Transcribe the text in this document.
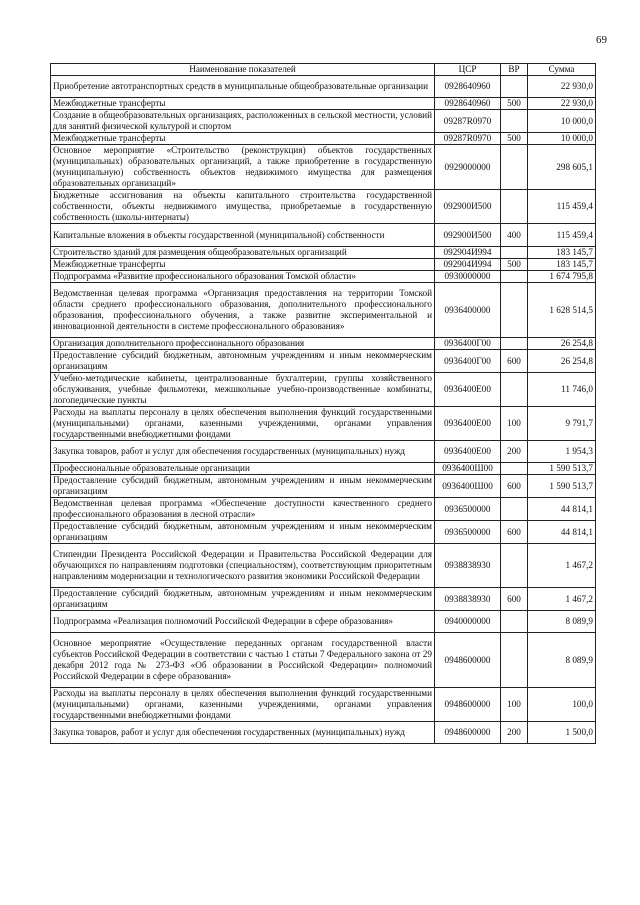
69
Наименование показателей	ЦСР	ВР	Сумма
Приобретение автотранспортных средств в муниципальные общеобразовательные организации	0928640960		22 930,0
Межбюджетные трансферты	0928640960	500	22 930,0
Создание в общеобразовательных организациях, расположенных в сельской местности, условий для занятий физической культурой и спортом	09287R0970		10 000,0
Межбюджетные трансферты	09287R0970	500	10 000,0
Основное мероприятие «Строительство (реконструкция) объектов государственных (муниципальных) образовательных организаций, а также приобретение в государственную (муниципальную) собственность объектов недвижимого имущества для размещения образовательных организаций»	0929000000		298 605,1
Бюджетные ассигнования на объекты капитального строительства государственной собственности, объекты недвижимого имущества, приобретаемые в государственную собственность (школы-интернаты)	092900И500		115 459,4
Капитальные вложения в объекты государственной (муниципальной) собственности	092900И500	400	115 459,4
Строительство зданий для размещения общеобразовательных организаций	092904И994		183 145,7
Межбюджетные трансферты	092904И994	500	183 145,7
Подпрограмма «Развитие профессионального образования Томской области»	0930000000		1 674 795,8
Ведомственная целевая программа «Организация предоставления на территории Томской области среднего профессионального образования, дополнительного профессионального образования, профессионального обучения, а также развитие экспериментальной и инновационной деятельности в системе профессионального образования»	0936400000		1 628 514,5
Организация дополнительного профессионального образования	0936400Г00		26 254,8
Предоставление субсидий бюджетным, автономным учреждениям и иным некоммерческим организациям	0936400Г00	600	26 254,8
Учебно-методические кабинеты, централизованные бухгалтерии, группы хозяйственного обслуживания, учебные фильмотеки, межшкольные учебно-производственные комбинаты, логопедические пункты	0936400Е00		11 746,0
Расходы на выплаты персоналу в целях обеспечения выполнения функций государственными (муниципальными) органами, казенными учреждениями, органами управления государственными внебюджетными фондами	0936400Е00	100	9 791,7
Закупка товаров, работ и услуг для обеспечения государственных (муниципальных) нужд	0936400Е00	200	1 954,3
Профессиональные образовательные организации	0936400Ш00		1 590 513,7
Предоставление субсидий бюджетным, автономным учреждениям и иным некоммерческим организациям	0936400Ш00	600	1 590 513,7
Ведомственная целевая программа «Обеспечение доступности качественного среднего профессионального образования в лесной отрасли»	0936500000		44 814,1
Предоставление субсидий бюджетным, автономным учреждениям и иным некоммерческим организациям	0936500000	600	44 814,1
Стипендии Президента Российской Федерации и Правительства Российской Федерации для обучающихся по направлениям подготовки (специальностям), соответствующим приоритетным направлениям модернизации и технологического развития экономики Российской Федерации	0938838930		1 467,2
Предоставление субсидий бюджетным, автономным учреждениям и иным некоммерческим организациям	0938838930	600	1 467,2
Подпрограмма «Реализация полномочий Российской Федерации в сфере образования»	0940000000		8 089,9
Основное мероприятие «Осуществление переданных органам государственной власти субъектов Российской Федерации в соответствии с частью 1 статьи 7 Федерального закона от 29 декабря 2012 года № 273-ФЗ «Об образовании в Российской Федерации» полномочий Российской Федерации в сфере образования»	0948600000		8 089,9
Расходы на выплаты персоналу в целях обеспечения выполнения функций государственными (муниципальными) органами, казенными учреждениями, органами управления государственными внебюджетными фондами	0948600000	100	100,0
Закупка товаров, работ и услуг для обеспечения государственных (муниципальных) нужд	0948600000	200	1 500,0
